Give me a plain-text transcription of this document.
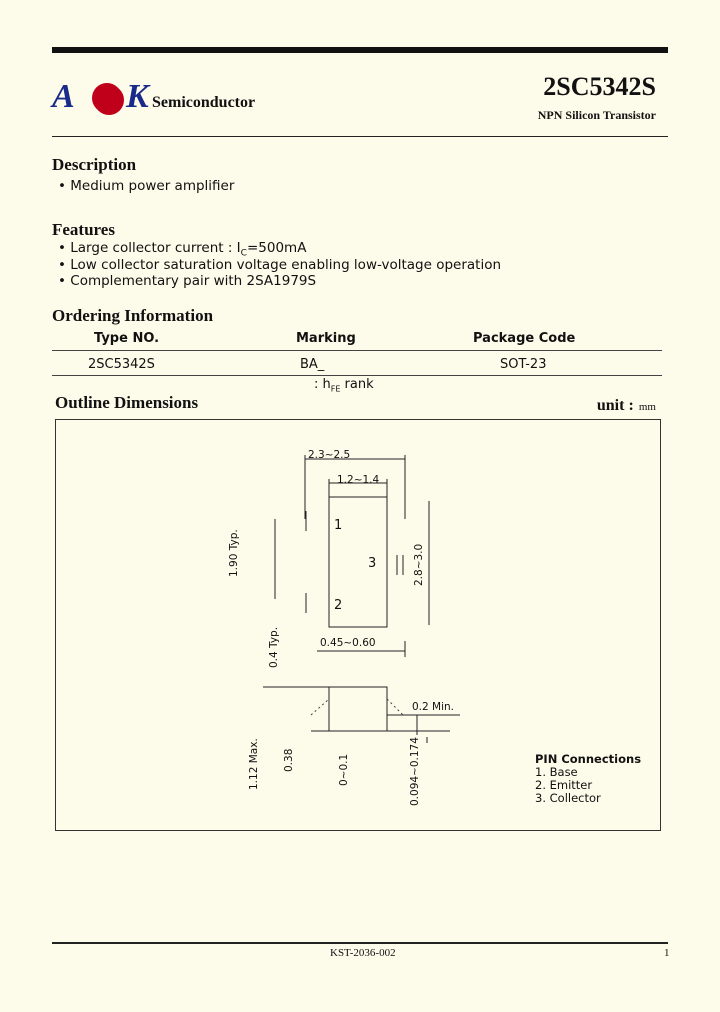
A K Semiconductor
2SC5342S
NPN Silicon Transistor
Description
• Medium power amplifier
Features
• Large collector current : $I_C=500mA$
• Low collector saturation voltage enabling low-voltage operation
• Complementary pair with 2SA1979S
Ordering Information
Type NO.	Marking	Package Code
2SC5342S	BA_	SOT-23
: $h_{FE}$ rank
Outline Dimensions	unit : mm
2.3~2.5
1.2~1.4
1
3
2
0.45~0.60
0.2 Min.
1.90 Typ.	2.8~3.0
0.4 Typ.
1.12 Max. 0.38	0~0.1	0.094~0.174	PIN Connections
1. Base
2. Emitter
3. Collector
KST-2036-002	1
